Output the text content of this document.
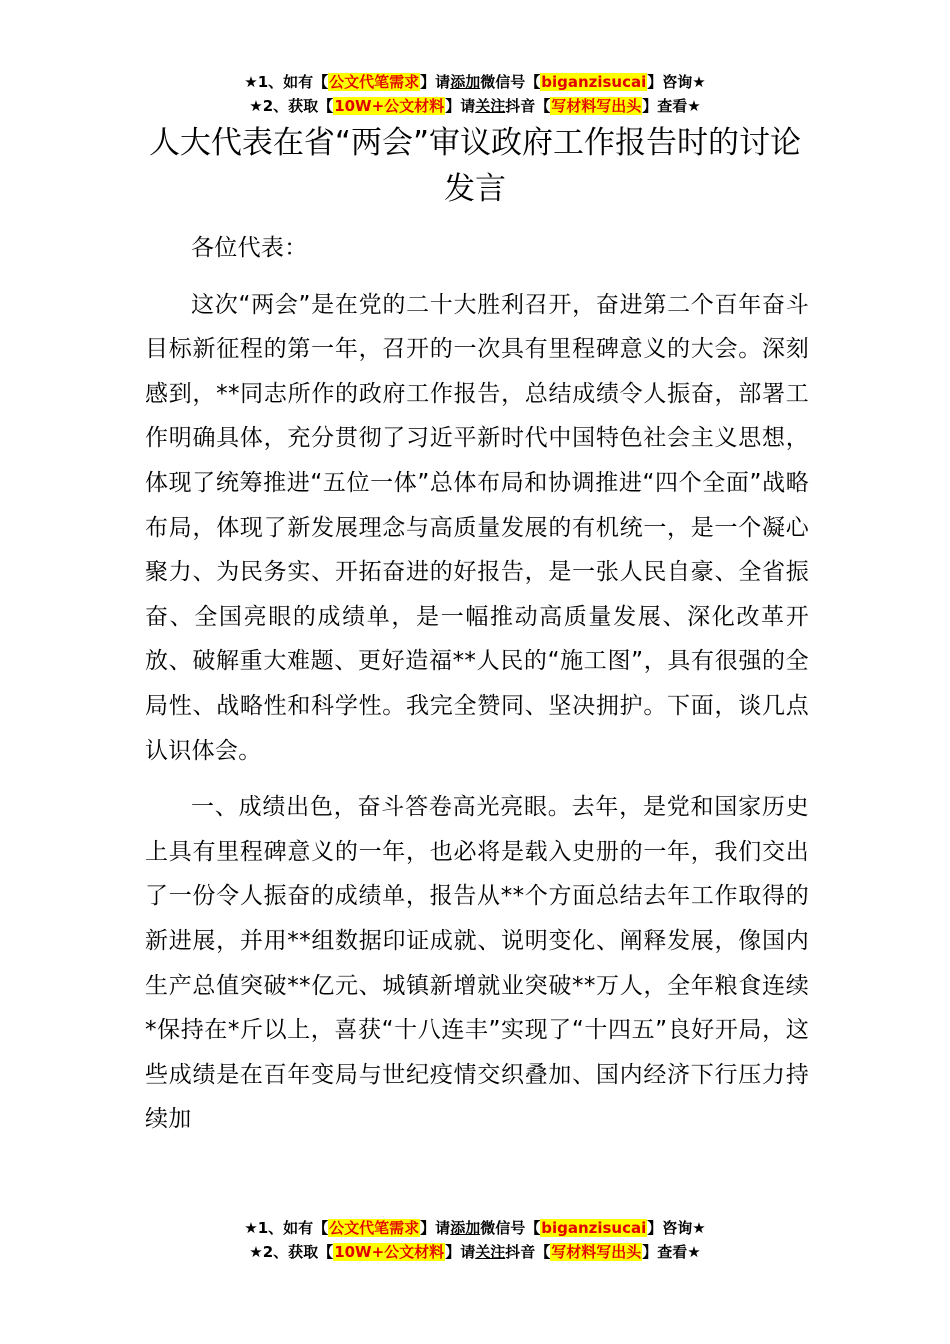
★1、如有【公文代笔需求】请添加微信号【biganzisucai】咨询★
★2、获取【10W+公文材料】请关注抖音【写材料写出头】查看★
人大代表在省“两会”审议政府工作报告时的讨论发言

各位代表：

这次“两会”是在党的二十大胜利召开，奋进第二个百年奋斗目标新征程的第一年，召开的一次具有里程碑意义的大会。深刻感到，**同志所作的政府工作报告，总结成绩令人振奋，部署工作明确具体，充分贯彻了习近平新时代中国特色社会主义思想，体现了统筹推进“五位一体”总体布局和协调推进“四个全面”战略布局，体现了新发展理念与高质量发展的有机统一，是一个凝心聚力、为民务实、开拓奋进的好报告，是一张人民自豪、全省振奋、全国亮眼的成绩单，是一幅推动高质量发展、深化改革开放、破解重大难题、更好造福**人民的“施工图”，具有很强的全局性、战略性和科学性。我完全赞同、坚决拥护。下面，谈几点认识体会。

一、成绩出色，奋斗答卷高光亮眼。去年，是党和国家历史上具有里程碑意义的一年，也必将是载入史册的一年，我们交出了一份令人振奋的成绩单，报告从**个方面总结去年工作取得的新进展，并用**组数据印证成就、说明变化、阐释发展，像国内生产总值突破**亿元、城镇新增就业突破**万人，全年粮食连续*保持在*斤以上，喜获“十八连丰”实现了“十四五”良好开局，这些成绩是在百年变局与世纪疫情交织叠加、国内经济下行压力持续加

★1、如有【公文代笔需求】请添加微信号【biganzisucai】咨询★
★2、获取【10W+公文材料】请关注抖音【写材料写出头】查看★
